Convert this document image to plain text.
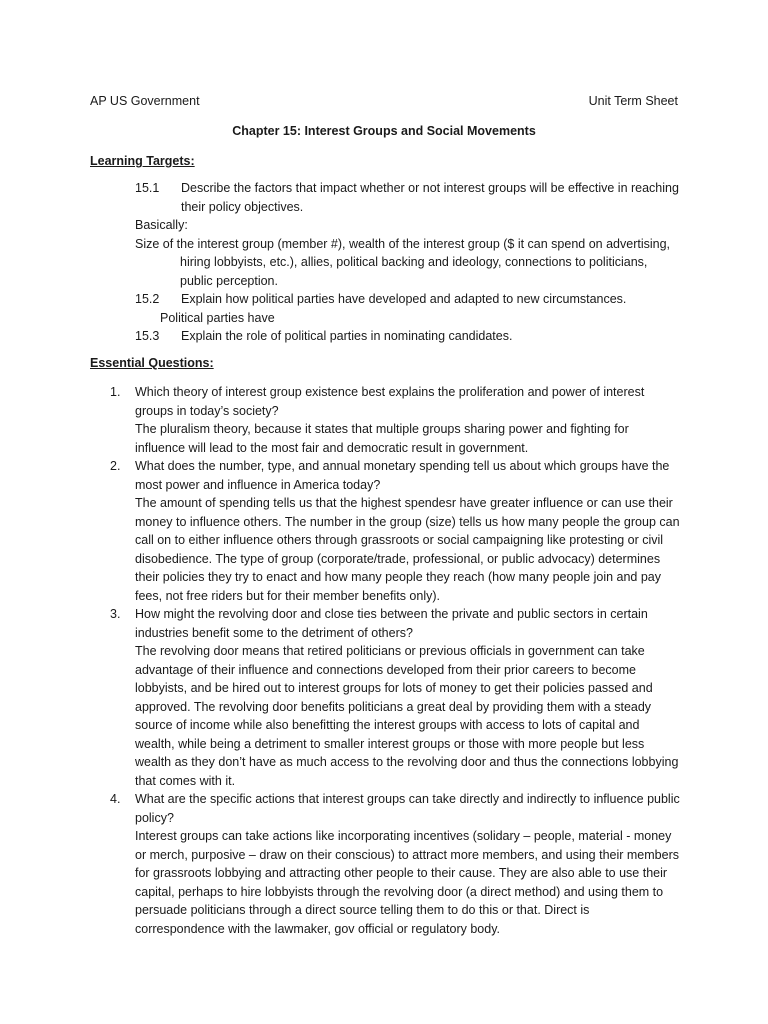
AP US Government	Unit Term Sheet
Chapter 15: Interest Groups and Social Movements
Learning Targets:
15.1	Describe the factors that impact whether or not interest groups will be effective in reaching their policy objectives.
Basically:
Size of the interest group (member #), wealth of the interest group ($ it can spend on advertising, hiring lobbyists, etc.), allies, political backing and ideology, connections to politicians, public perception.
15.2	Explain how political parties have developed and adapted to new circumstances.
Political parties have
15.3	Explain the role of political parties in nominating candidates.
Essential Questions:
1.	Which theory of interest group existence best explains the proliferation and power of interest groups in today’s society?
The pluralism theory, because it states that multiple groups sharing power and fighting for influence will lead to the most fair and democratic result in government.
2.	What does the number, type, and annual monetary spending tell us about which groups have the most power and influence in America today?
The amount of spending tells us that the highest spendesr have greater influence or can use their money to influence others. The number in the group (size) tells us how many people the group can call on to either influence others through grassroots or social campaigning like protesting or civil disobedience. The type of group (corporate/trade, professional, or public advocacy) determines their policies they try to enact and how many people they reach (how many people join and pay fees, not free riders but for their member benefits only).
3.	How might the revolving door and close ties between the private and public sectors in certain industries benefit some to the detriment of others?
The revolving door means that retired politicians or previous officials in government can take advantage of their influence and connections developed from their prior careers to become lobbyists, and be hired out to interest groups for lots of money to get their policies passed and approved. The revolving door benefits politicians a great deal by providing them with a steady source of income while also benefitting the interest groups with access to lots of capital and wealth, while being a detriment to smaller interest groups or those with more people but less wealth as they don’t have as much access to the revolving door and thus the connections lobbying that comes with it.
4.	What are the specific actions that interest groups can take directly and indirectly to influence public policy?
Interest groups can take actions like incorporating incentives (solidary – people, material - money or merch, purposive – draw on their conscious) to attract more members, and using their members for grassroots lobbying and attracting other people to their cause. They are also able to use their capital, perhaps to hire lobbyists through the revolving door (a direct method) and using them to persuade politicians through a direct source telling them to do this or that. Direct is correspondence with the lawmaker, gov official or regulatory body.
